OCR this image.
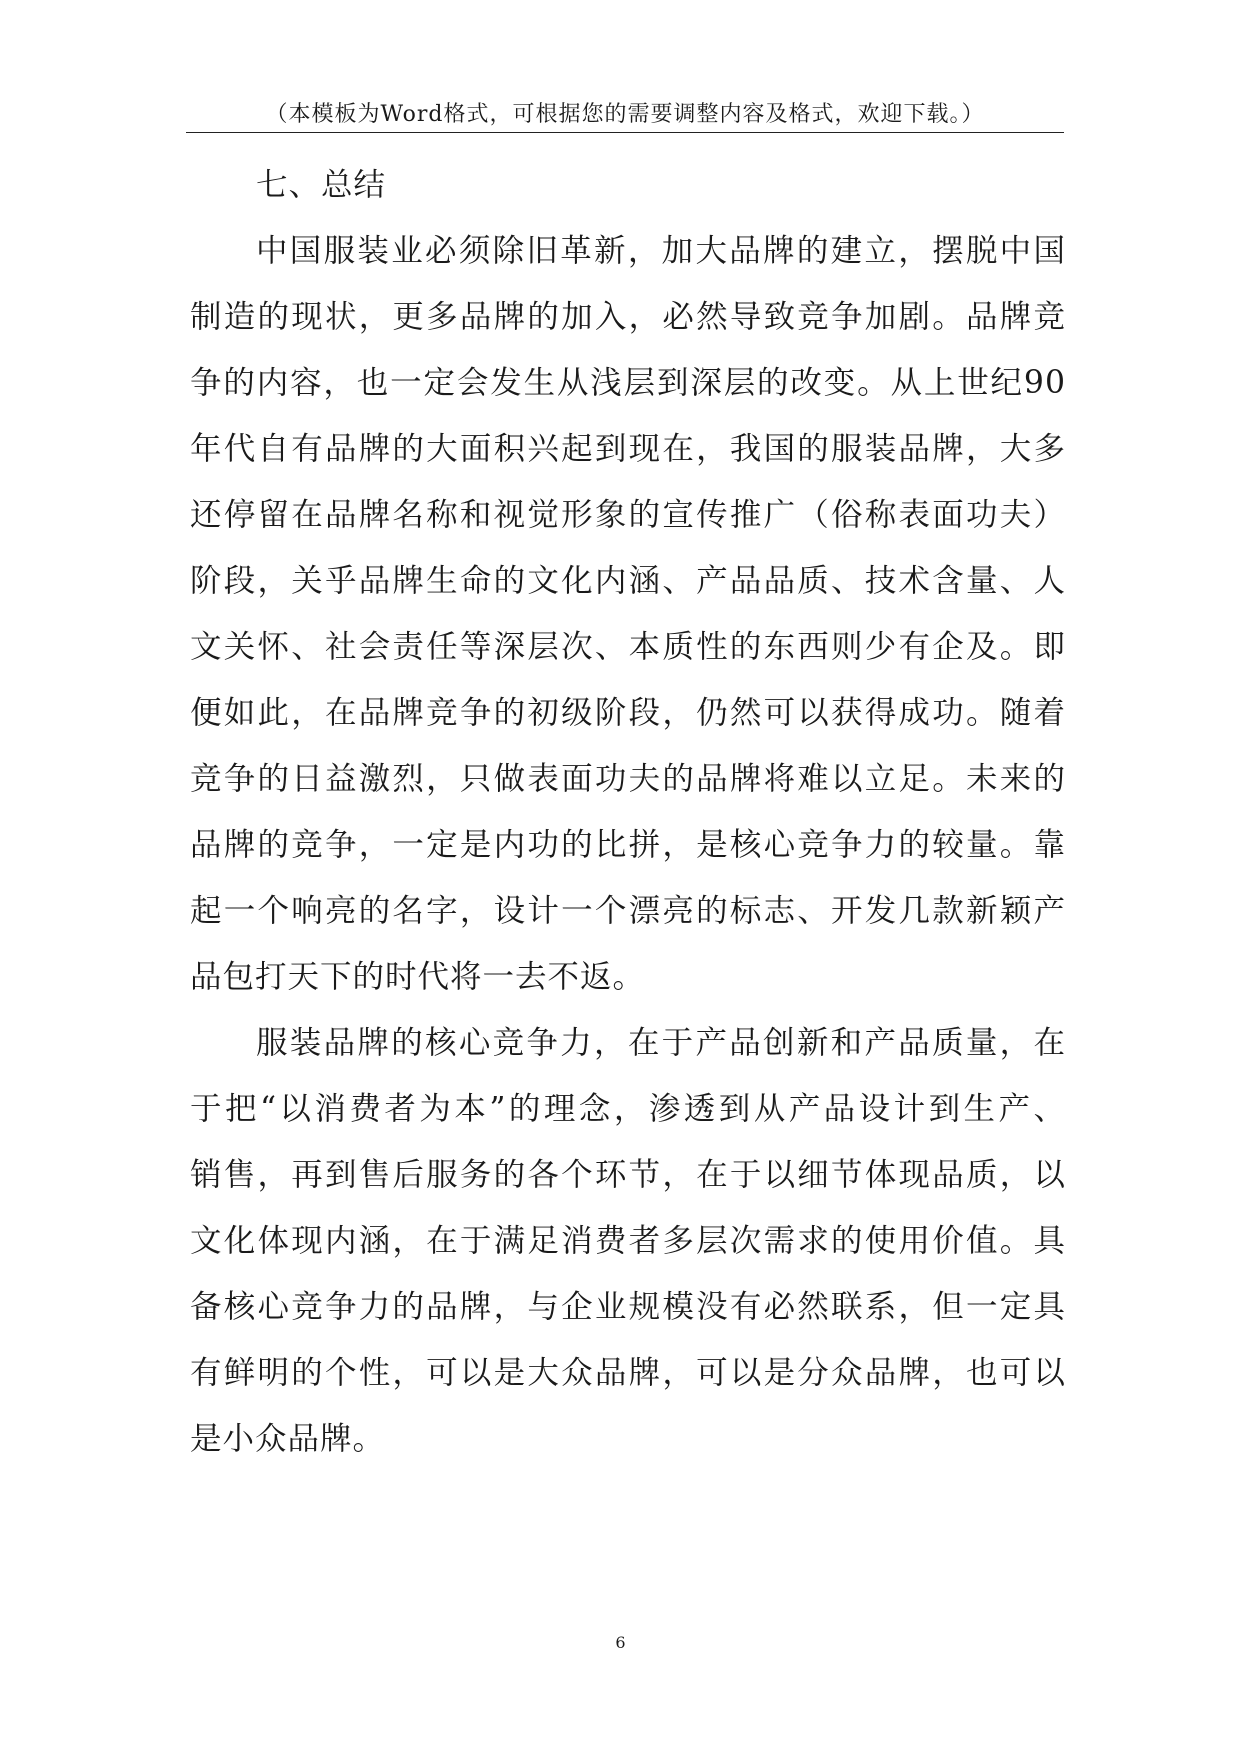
（本模板为Word格式，可根据您的需要调整内容及格式，欢迎下载。）
七、总结
中国服装业必须除旧革新，加大品牌的建立，摆脱中国
制造的现状，更多品牌的加入，必然导致竞争加剧。品牌竞
争的内容，也一定会发生从浅层到深层的改变。从上世纪90
年代自有品牌的大面积兴起到现在，我国的服装品牌，大多
还停留在品牌名称和视觉形象的宣传推广（俗称表面功夫）
阶段，关乎品牌生命的文化内涵、产品品质、技术含量、人
文关怀、社会责任等深层次、本质性的东西则少有企及。即
便如此，在品牌竞争的初级阶段，仍然可以获得成功。随着
竞争的日益激烈，只做表面功夫的品牌将难以立足。未来的
品牌的竞争，一定是内功的比拼，是核心竞争力的较量。靠
起一个响亮的名字，设计一个漂亮的标志、开发几款新颖产
品包打天下的时代将一去不返。
服装品牌的核心竞争力，在于产品创新和产品质量，在
于把“以消费者为本”的理念，渗透到从产品设计到生产、
销售，再到售后服务的各个环节，在于以细节体现品质，以
文化体现内涵，在于满足消费者多层次需求的使用价值。具
备核心竞争力的品牌，与企业规模没有必然联系，但一定具
有鲜明的个性，可以是大众品牌，可以是分众品牌，也可以
是小众品牌。
6
